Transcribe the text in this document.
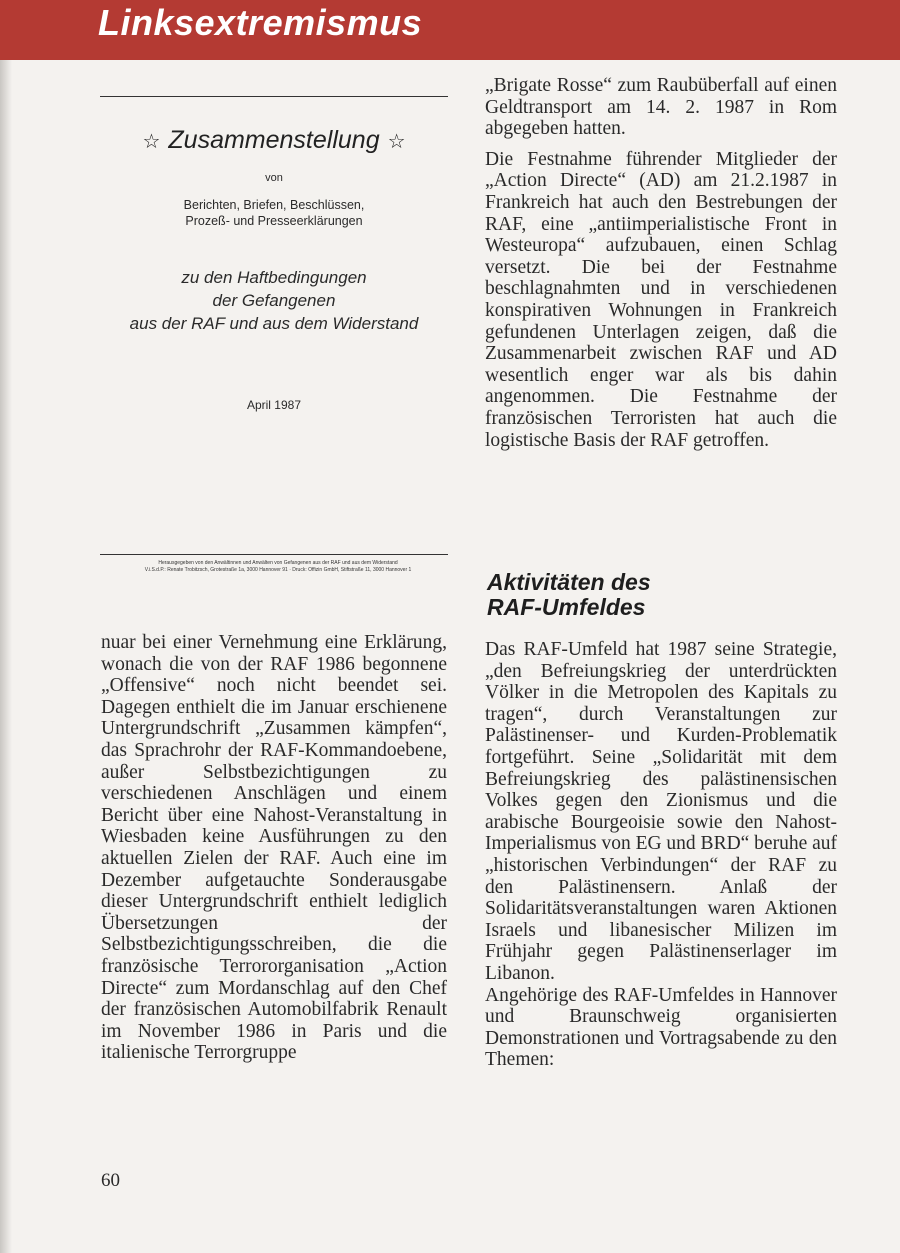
Linksextremismus
☆ Zusammenstellung ☆
von
Berichten, Briefen, Beschlüssen,
Prozeß- und Presseerklärungen
zu den Haftbedingungen
der Gefangenen
aus der RAF und aus dem Widerstand
April 1987
Herausgegeben von den Anwältinnen und Anwälten von Gefangenen aus der RAF und aus dem Widerstand
V.i.S.d.P.: Renate Trobitzsch, Grotestraße 1a, 3000 Hannover 91 · Druck: Offizin GmbH, Stiftstraße 11, 3000 Hannover 1

nuar bei einer Vernehmung eine Erklärung, wonach die von der RAF 1986 begonnene „Offensive“ noch nicht beendet sei. Dagegen enthielt die im Januar erschienene Untergrundschrift „Zusammen kämpfen“, das Sprachrohr der RAF-Kommandoebene, außer Selbstbezichtigungen zu verschiedenen Anschlägen und einem Bericht über eine Nahost-Veranstaltung in Wiesbaden keine Ausführungen zu den aktuellen Zielen der RAF. Auch eine im Dezember aufgetauchte Sonderausgabe dieser Untergrundschrift enthielt lediglich Übersetzungen der Selbstbezichtigungsschreiben, die die französische Terrororganisation „Action Directe“ zum Mordanschlag auf den Chef der französischen Automobilfabrik Renault im November 1986 in Paris und die italienische Terrorgruppe

„Brigate Rosse“ zum Raubüberfall auf einen Geldtransport am 14. 2. 1987 in Rom abgegeben hatten.

Die Festnahme führender Mitglieder der „Action Directe“ (AD) am 21.2.1987 in Frankreich hat auch den Bestrebungen der RAF, eine „antiimperialistische Front in Westeuropa“ aufzubauen, einen Schlag versetzt. Die bei der Festnahme beschlagnahmten und in verschiedenen konspirativen Wohnungen in Frankreich gefundenen Unterlagen zeigen, daß die Zusammenarbeit zwischen RAF und AD wesentlich enger war als bis dahin angenommen. Die Festnahme der französischen Terroristen hat auch die logistische Basis der RAF getroffen.

Aktivitäten des
RAF-Umfeldes

Das RAF-Umfeld hat 1987 seine Strategie, „den Befreiungskrieg der unterdrückten Völker in die Metropolen des Kapitals zu tragen“, durch Veranstaltungen zur Palästinenser- und Kurden-Problematik fortgeführt. Seine „Solidarität mit dem Befreiungskrieg des palästinensischen Volkes gegen den Zionismus und die arabische Bourgeoisie sowie den Nahost-Imperialismus von EG und BRD“ beruhe auf „historischen Verbindungen“ der RAF zu den Palästinensern. Anlaß der Solidaritätsveranstaltungen waren Aktionen Israels und libanesischer Milizen im Frühjahr gegen Palästinenserlager im Libanon.

Angehörige des RAF-Umfeldes in Hannover und Braunschweig organisierten Demonstrationen und Vortragsabende zu den Themen:

60
